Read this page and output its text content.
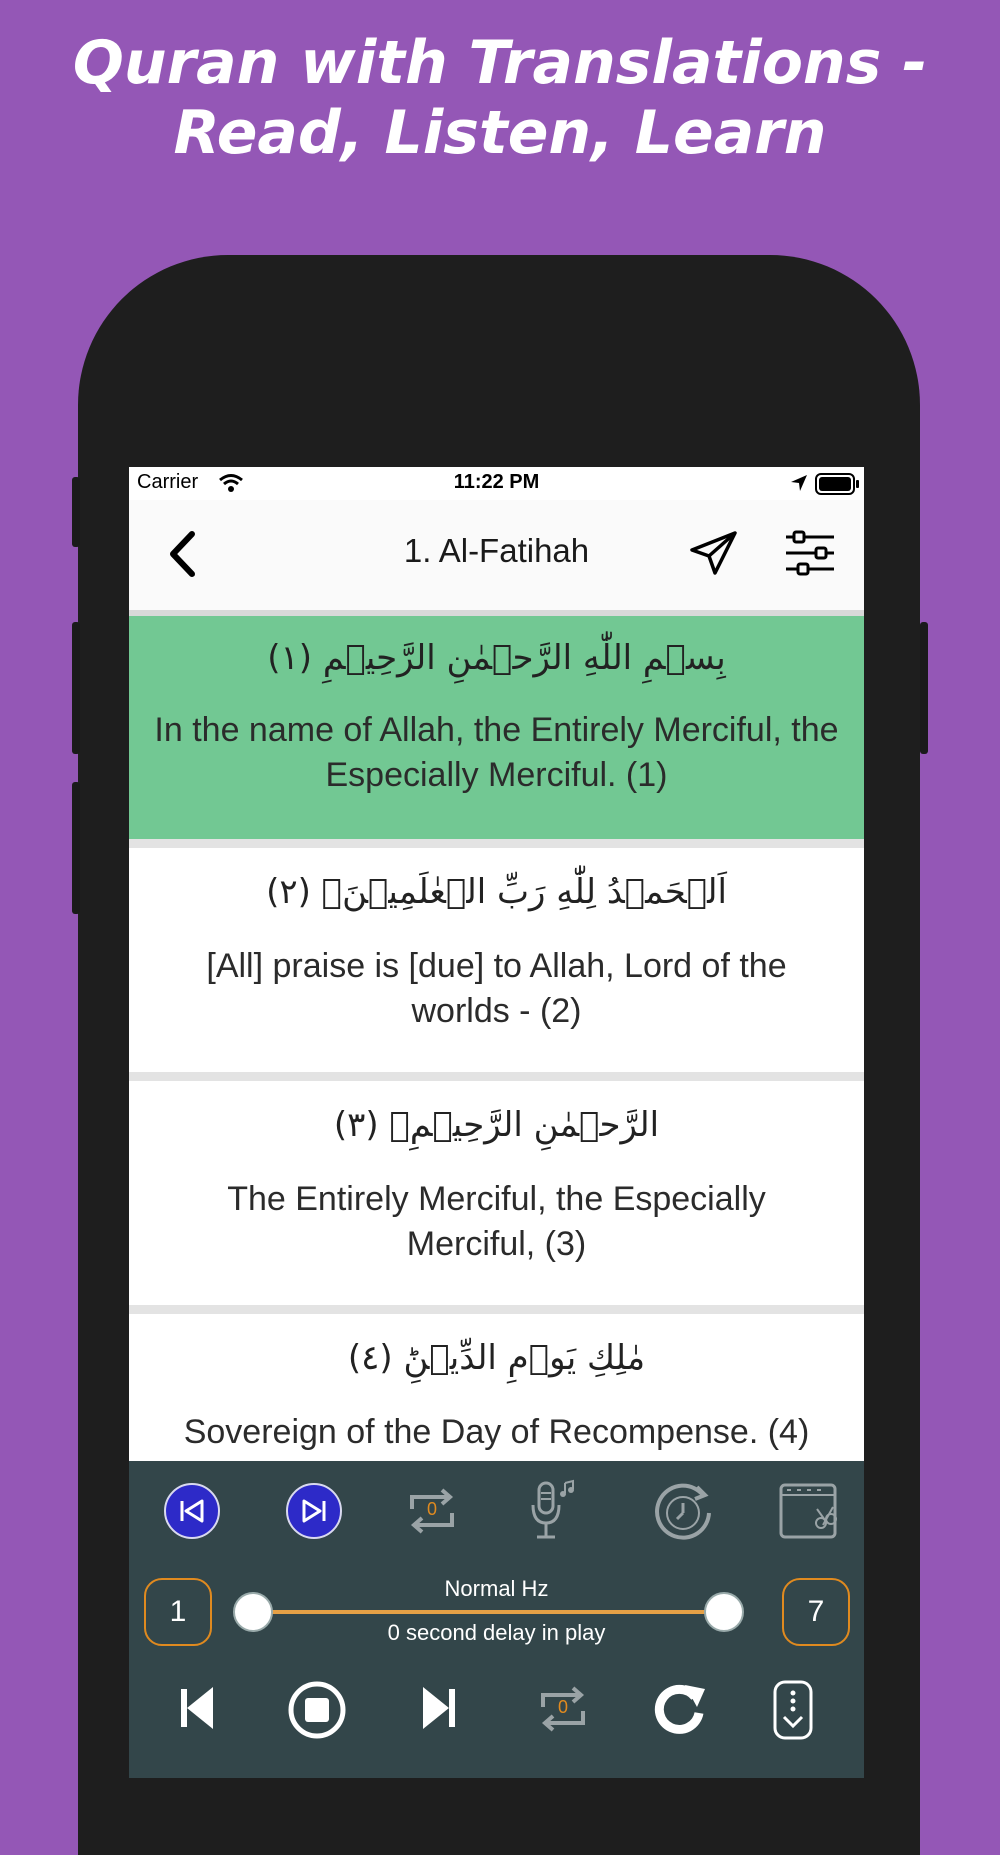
Quran with Translations -
Read, Listen, Learn
Carrier	11:22 PM
1. Al-Fatihah
بِسۡمِ اللّٰهِ الرَّحۡمٰنِ الرَّحِيۡمِ (١)
In the name of Allah, the Entirely Merciful, the Especially Merciful. (1)
اَلۡحَمۡدُ لِلّٰهِ رَبِّ الۡعٰلَمِيۡنَۙ (٢)
[All] praise is [due] to Allah, Lord of the worlds - (2)
الرَّحۡمٰنِ الرَّحِيۡمِۙ (٣)
The Entirely Merciful, the Especially Merciful, (3)
مٰلِكِ يَوۡمِ الدِّيۡنِؕ (٤)
Sovereign of the Day of Recompense. (4)
0
1	7
Normal Hz
0 second delay in play
0
